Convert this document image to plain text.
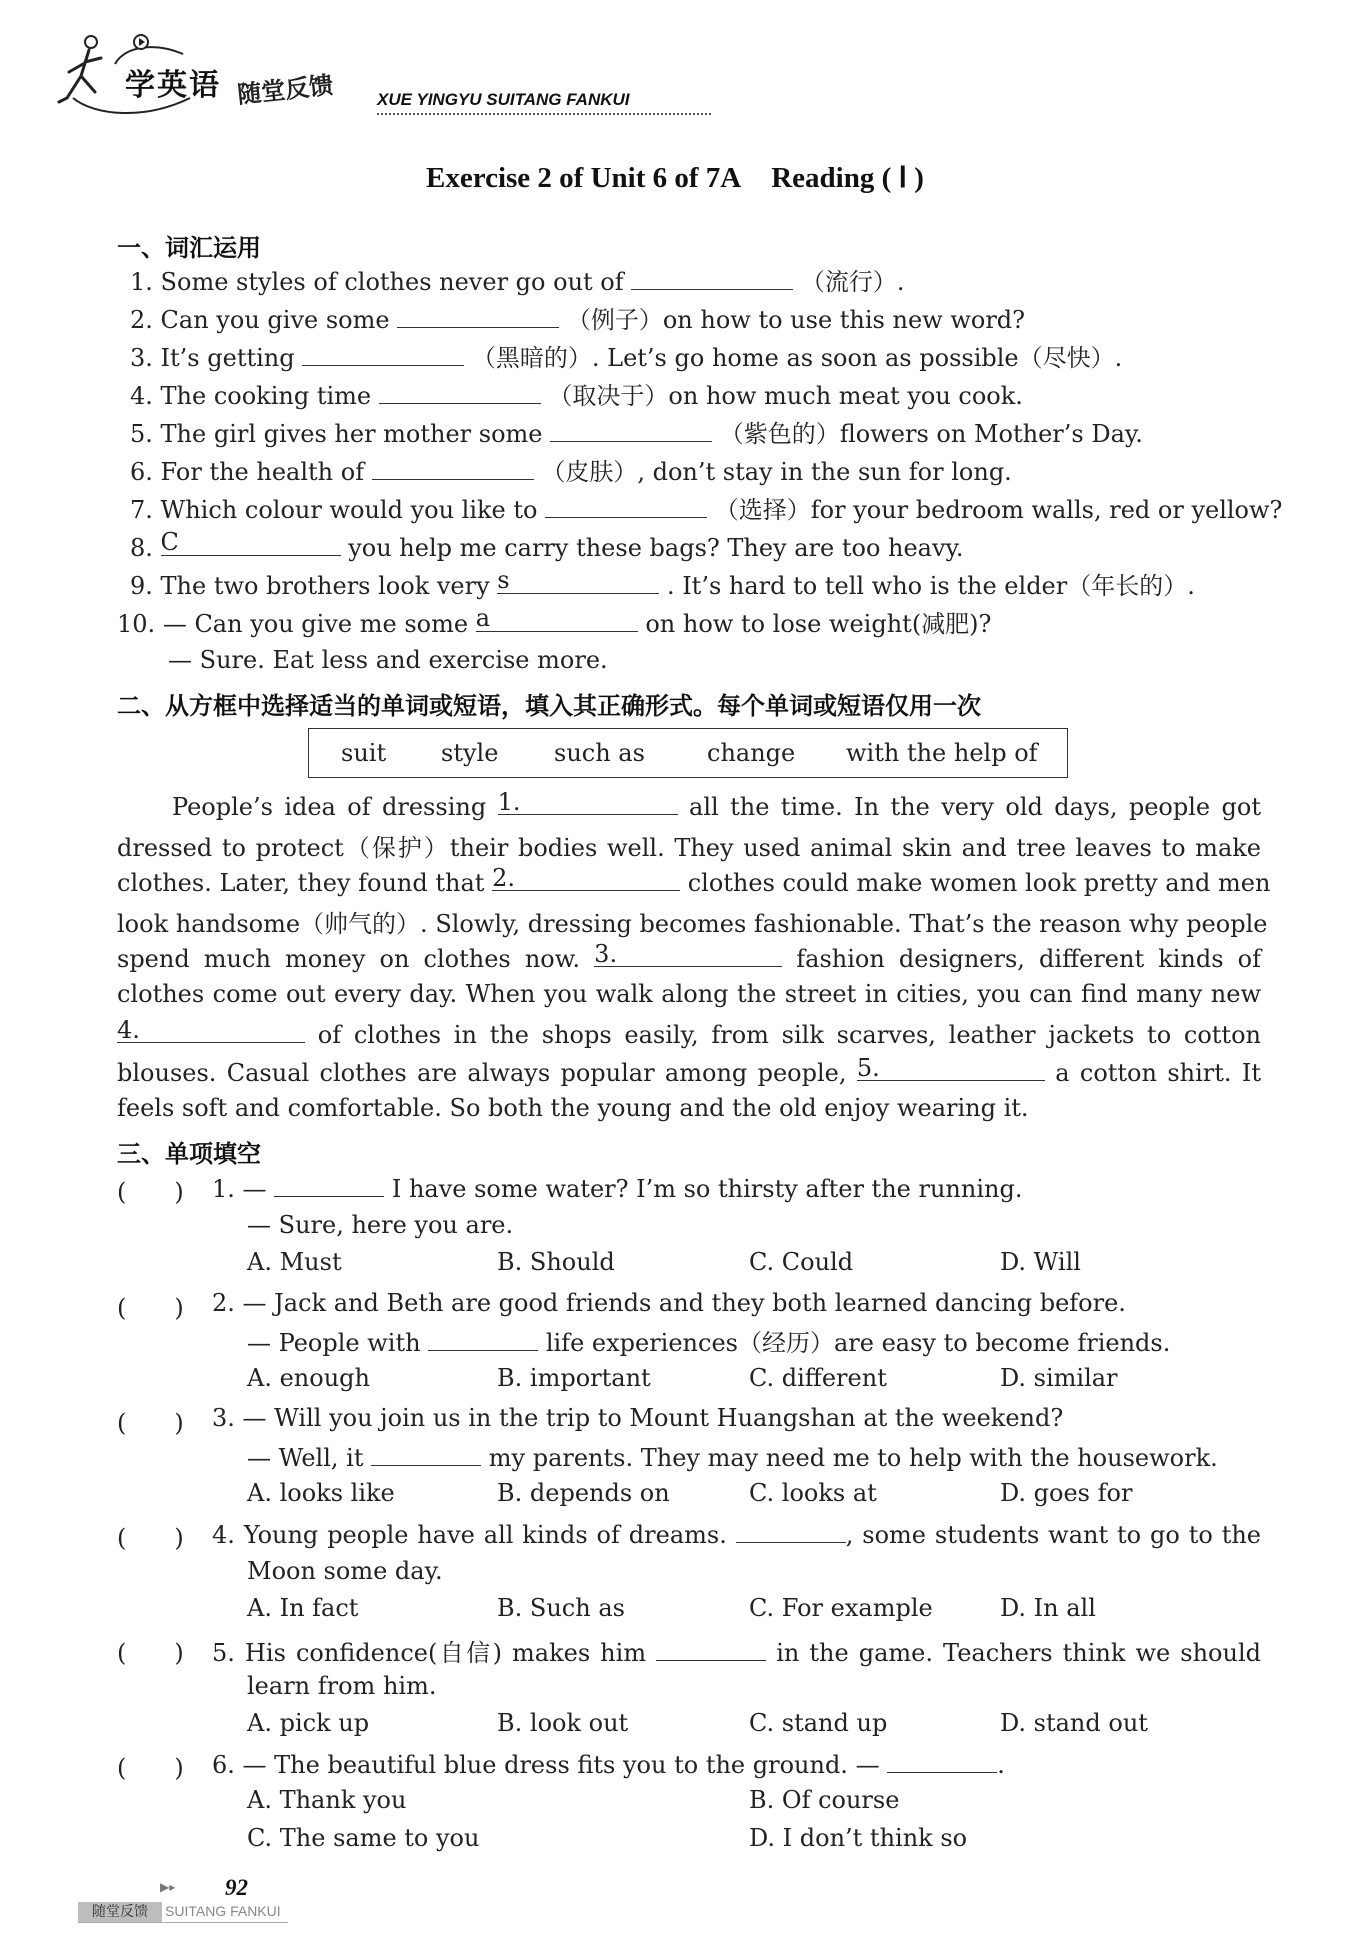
学英语 随堂反馈	XUE YINGYU SUITANG FANKUI
Exercise 2 of Unit 6 of 7A Reading ( Ⅰ )
一、词汇运用
1. Some styles of clothes never go out of	（流行）.
2. Can you give some	（例子）on how to use this new word?
3. It’s getting	（黑暗的）. Let’s go home as soon as possible（尽快）.
4. The cooking time	（取决于）on how much meat you cook.
5. The girl gives her mother some	（紫色的）flowers on Mother’s Day.
6. For the health of	（皮肤）, don’t stay in the sun for long.
7. Which colour would you like to	（选择）for your bedroom walls, red or yellow?
8. C	you help me carry these bags? They are too heavy.
9. The two brothers look very s	. It’s hard to tell who is the elder（年长的）.
10. — Can you give me some a	on how to lose weight(减肥)?
— Sure. Eat less and exercise more.
二、从方框中选择适当的单词或短语，填入其正确形式。每个单词或短语仅用一次
suit style such as	change with the help of
People’s idea of dressing 1.	all the time. In the very old days, people got
dressed to protect（保护）their bodies well. They used animal skin and tree leaves to make
clothes. Later, they found that 2.	clothes could make women look pretty and men
look handsome（帅气的）. Slowly, dressing becomes fashionable. That’s the reason why people
spend much money on clothes now. 3.	fashion designers, different kinds of
clothes come out every day. When you walk along the street in cities, you can find many new
4.	of clothes in the shops easily, from silk scarves, leather jackets to cotton
blouses. Casual clothes are always popular among people, 5.	a cotton shirt. It
feels soft and comfortable. So both the young and the old enjoy wearing it.
三、单项填空
(　　) 1. —	I have some water? I’m so thirsty after the running.
— Sure, here you are.
A. Must	B. Should	C. Could	D. Will
(　　) 2. — Jack and Beth are good friends and they both learned dancing before.
— People with	life experiences（经历）are easy to become friends.
A. enough	B. important	C. different	D. similar
(　　) 3. — Will you join us in the trip to Mount Huangshan at the weekend?
— Well, it	my parents. They may need me to help with the housework.
A. looks like	B. depends on	C. looks at	D. goes for
(　　) 4. Young people have all kinds of dreams.	, some students want to go to the
Moon some day.
A. In fact	B. Such as	C. For example	D. In all
(　　) 5. His confidence(自信) makes him	in the game. Teachers think we should
learn from him.
A. pick up	B. look out	C. stand up	D. stand out
(　　) 6. — The beautiful blue dress fits you to the ground. —	.
A. Thank you	B. Of course
C. The same to you	D. I don’t think so
▶▸ 92
随堂反馈	SUITANG FANKUI
